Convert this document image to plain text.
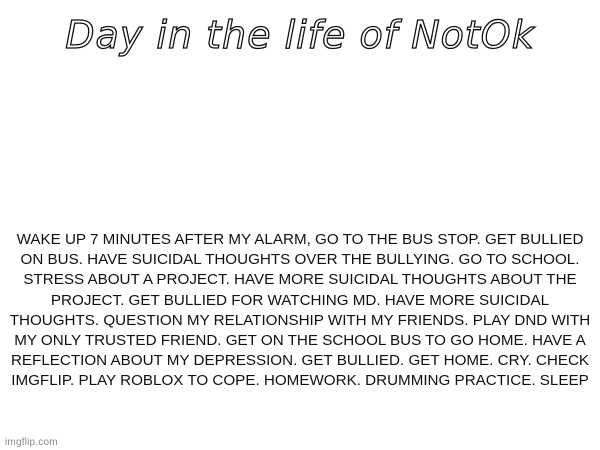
Day in the life of NotOk
WAKE UP 7 MINUTES AFTER MY ALARM, GO TO THE BUS STOP. GET BULLIED ON BUS. HAVE SUICIDAL THOUGHTS OVER THE BULLYING. GO TO SCHOOL. STRESS ABOUT A PROJECT. HAVE MORE SUICIDAL THOUGHTS ABOUT THE PROJECT. GET BULLIED FOR WATCHING MD. HAVE MORE SUICIDAL THOUGHTS. QUESTION MY RELATIONSHIP WITH MY FRIENDS. PLAY DND WITH MY ONLY TRUSTED FRIEND. GET ON THE SCHOOL BUS TO GO HOME. HAVE A REFLECTION ABOUT MY DEPRESSION. GET BULLIED. GET HOME. CRY. CHECK IMGFLIP. PLAY ROBLOX TO COPE. HOMEWORK. DRUMMING PRACTICE. SLEEP
imgflip.com
